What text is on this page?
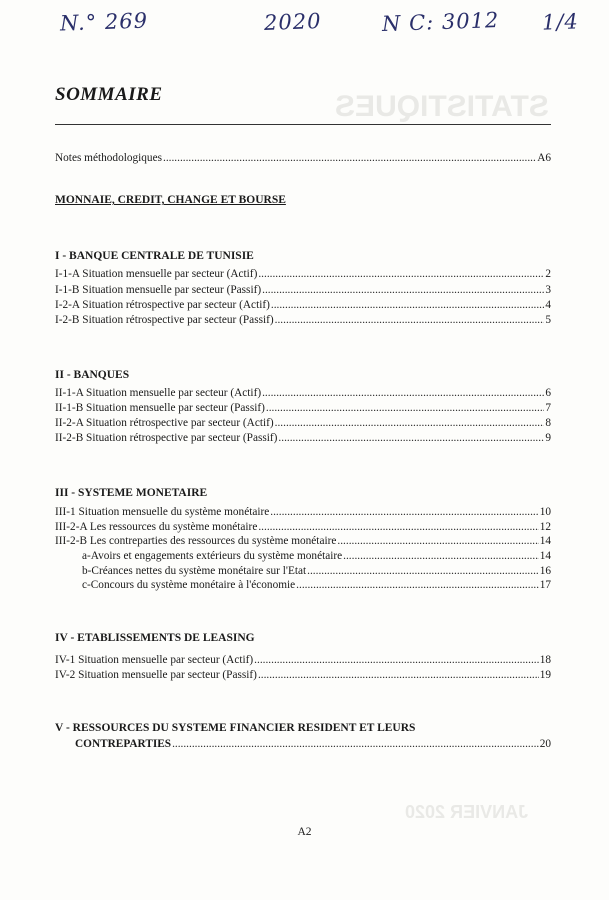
N.° 269	2020	N C: 3012 1/4
STATISTIQUES
JANVIER 2020
SOMMAIRE
Notes méthodologiques .....	A6
MONNAIE, CREDIT, CHANGE ET BOURSE
I - BANQUE CENTRALE DE TUNISIE
I-1-A Situation mensuelle par secteur (Actif) .....	2
I-1-B Situation mensuelle par secteur (Passif) .....	3
I-2-A Situation rétrospective par secteur (Actif) .....	4
I-2-B Situation rétrospective par secteur (Passif) .....	5
II - BANQUES
II-1-A Situation mensuelle par secteur (Actif) .....	6
II-1-B Situation mensuelle par secteur (Passif) .....	7
II-2-A Situation rétrospective par secteur (Actif) .....	8
II-2-B Situation rétrospective par secteur (Passif) .....	9
III - SYSTEME MONETAIRE
III-1 Situation mensuelle du système monétaire .....	10
III-2-A Les ressources du système monétaire .....	12
III-2-B Les contreparties des ressources du système monétaire .....	14
a-Avoirs et engagements extérieurs du système monétaire .....	14
b-Créances nettes du système monétaire sur l'Etat .....	16
c-Concours du système monétaire à l'économie .....	17
IV - ETABLISSEMENTS DE LEASING
IV-1 Situation mensuelle par secteur (Actif) .....	18
IV-2 Situation mensuelle par secteur (Passif) .....	19
V - RESSOURCES DU SYSTEME FINANCIER RESIDENT ET LEURS
CONTREPARTIES .....	20
A2
